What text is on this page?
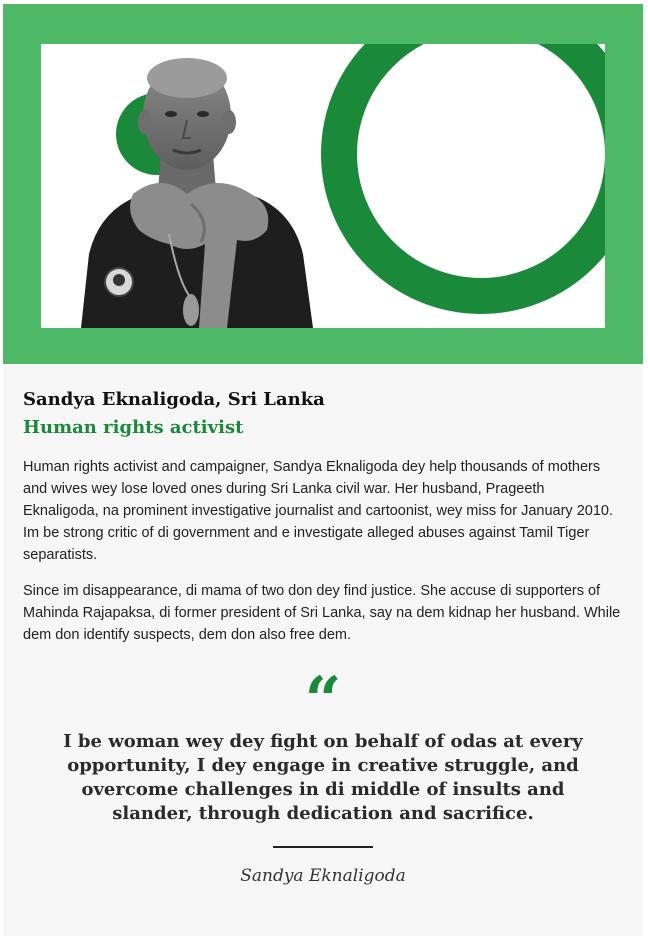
Sandya Eknaligoda, Sri Lanka
Human rights activist

Human rights activist and campaigner, Sandya Eknaligoda dey help thousands of mothers and wives wey lose loved ones during Sri Lanka civil war. Her husband, Prageeth Eknaligoda, na prominent investigative journalist and cartoonist, wey miss for January 2010. Im be strong critic of di government and e investigate alleged abuses against Tamil Tiger separatists.

Since im disappearance, di mama of two don dey find justice. She accuse di supporters of Mahinda Rajapaksa, di former president of Sri Lanka, say na dem kidnap her husband. While dem don identify suspects, dem don also free dem.

“

I be woman wey dey fight on behalf of odas at every opportunity, I dey engage in creative struggle, and overcome challenges in di middle of insults and slander, through dedication and sacrifice.

Sandya Eknaligoda
